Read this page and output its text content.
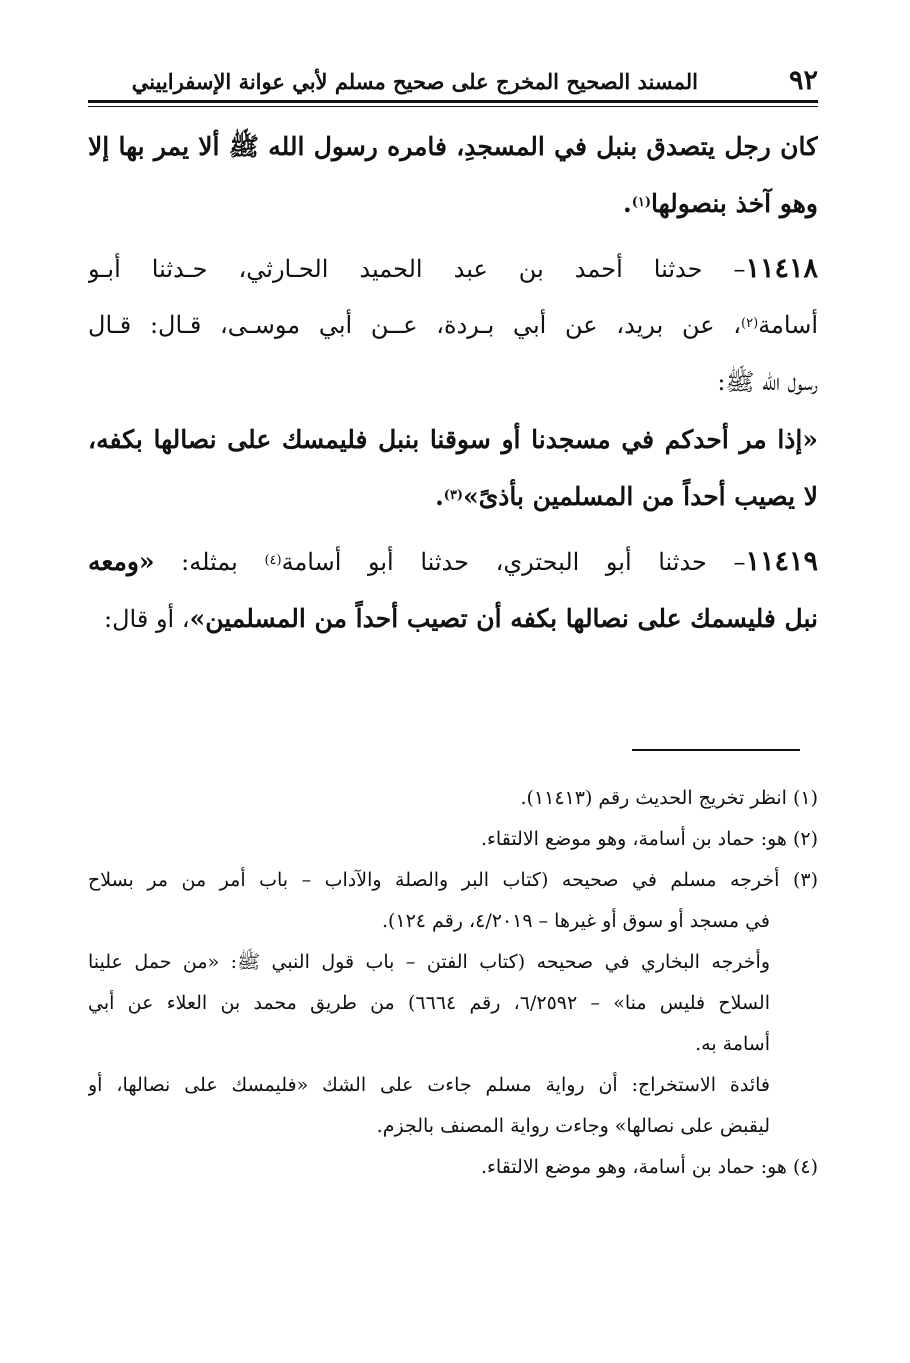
٩٢
المسند الصحيح المخرج على صحيح مسلم لأبي عوانة الإسفراييني
كان رجل يتصدق بنبل في المسجدِ، فامره رسول الله ﷺ ألا يمر بها إلا
وهو آخذ بنصولها$^{(١)}$.
١١٤١٨– حدثنا أحمد بن عبد الحميد الحـارثي، حـدثنا أبـو
أسامة$^{(٢)}$، عن بريد، عن أبي بـردة، عــن أبي موسـى، قـال: قـال
رسول الله ﷺ:
«إذا مر أحدكم في مسجدنا أو سوقنا بنبل فليمسك على نصالها بكفه،
لا يصيب أحداً من المسلمين بأذىً»$^{(٣)}$.
١١٤١٩– حدثنا أبو البحتري، حدثنا أبو أسامة$^{(٤)}$ بمثله: «ومعه
نبل فليسمك على نصالها بكفه أن تصيب أحداً من المسلمين»، أو قال:
(١) انظر تخريج الحديث رقم (١١٤١٣).
(٢) هو: حماد بن أسامة، وهو موضع الالتقاء.
(٣) أخرجه مسلم في صحيحه (كتاب البر والصلة والآداب – باب أمر من مر بسلاح
في مسجد أو سوق أو غيرها – ٤/٢٠١٩، رقم ١٢٤).
وأخرجه البخاري في صحيحه (كتاب الفتن – باب قول النبي ﷺ: «من حمل علينا
السلاح فليس منا» – ٦/٢٥٩٢، رقم ٦٦٦٤) من طريق محمد بن العلاء عن أبي
أسامة به.
فائدة الاستخراج: أن رواية مسلم جاءت على الشك «فليمسك على نصالها، أو
ليقبض على نصالها» وجاءت رواية المصنف بالجزم.
(٤) هو: حماد بن أسامة، وهو موضع الالتقاء.
